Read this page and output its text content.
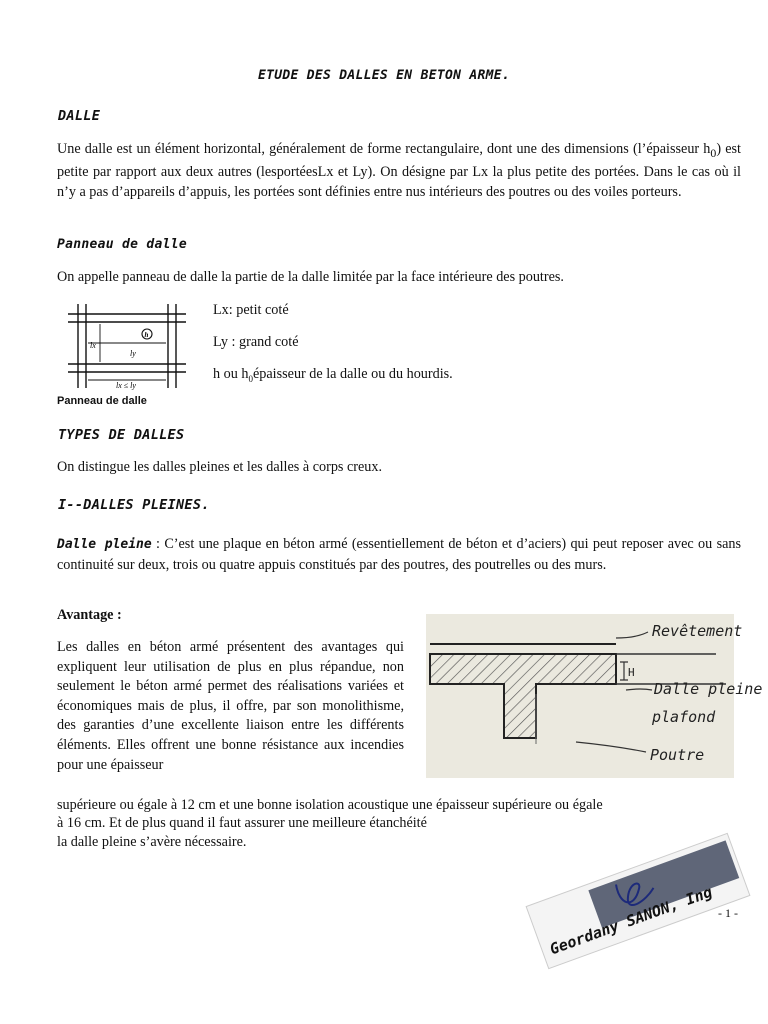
ETUDE DES DALLES EN BETON ARME.
DALLE

Une dalle est un élément horizontal, généralement de forme rectangulaire, dont une des dimensions (l’épaisseur $h_0$) est petite par rapport aux deux autres (lesportéesLx et Ly). On désigne par Lx la plus petite des portées. Dans le cas où il n’y a pas d’appareils d’appuis, les portées sont définies entre nus intérieurs des poutres ou des voiles porteurs.

Panneau de dalle
On appelle panneau de dalle la partie de la dalle limitée par la face intérieure des poutres.
lx
ly
h
lx ≤ ly
Panneau de dalle
Lx: petit coté
Ly : grand coté
h ou $h_0épaisseur$ de la dalle ou du hourdis.
TYPES DE DALLES
On distingue les dalles pleines et les dalles à corps creux.
I--DALLES PLEINES.

Dalle pleine : C’est une plaque en béton armé (essentiellement de béton et d’aciers) qui peut reposer avec ou sans continuité sur deux, trois ou quatre appuis constitués par des poutres, des poutrelles ou des murs.

Avantage :
Les dalles en béton armé présentent des avantages qui expliquent leur utilisation de plus en plus répandue, non seulement le béton armé permet des réalisations variées et économiques mais de plus, il offre, par son monolithisme, des garanties d’une excellente liaison entre les différents éléments. Elles offrent une bonne résistance aux incendies pour une épaisseur
supérieure ou égale à 12 cm et une bonne isolation acoustique une épaisseur supérieure ou égale
à 16 cm. Et de plus quand il faut assurer une meilleure étanchéité
la dalle pleine s’avère nécessaire.
Revêtement
H
Dalle pleine
plafond
Poutre
Geordany SANON, Ing - 1 -
